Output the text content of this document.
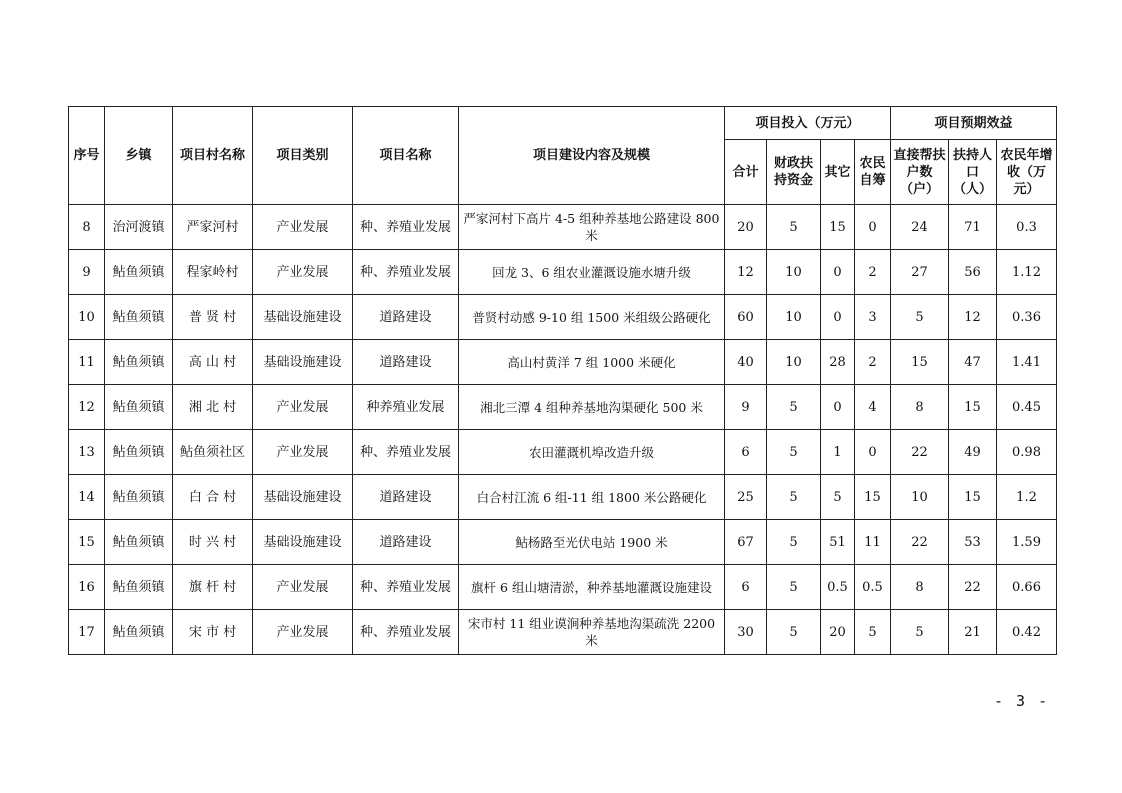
序号	乡镇	项目村名称	项目类别	项目名称	项目建设内容及规模	项目投入（万元）				项目预期效益		
						合计	财政扶持资金	其它	农民自筹	直接帮扶户数（户）	扶持人口（人）	农民年增收（万元）
8	治河渡镇	严家河村	产业发展	种、养殖业发展	严家河村下高片 4-5 组种养基地公路建设 800 米	20	5	15	0	24	71	0.3
9	鲇鱼须镇	程家岭村	产业发展	种、养殖业发展	回龙 3、6 组农业灌溉设施水塘升级	12	10	0	2	27	56	1.12
10	鲇鱼须镇	普 贤 村	基础设施建设	道路建设	普贤村动感 9-10 组 1500 米组级公路硬化	60	10	0	3	5	12	0.36
11	鲇鱼须镇	高 山 村	基础设施建设	道路建设	高山村黄洋 7 组 1000 米硬化	40	10	28	2	15	47	1.41
12	鲇鱼须镇	湘 北 村	产业发展	种养殖业发展	湘北三潭 4 组种养基地沟渠硬化 500 米	9	5	0	4	8	15	0.45
13	鲇鱼须镇	鲇鱼须社区	产业发展	种、养殖业发展	农田灌溉机埠改造升级	6	5	1	0	22	49	0.98
14	鲇鱼须镇	白 合 村	基础设施建设	道路建设	白合村江流 6 组-11 组 1800 米公路硬化	25	5	5	15	10	15	1.2
15	鲇鱼须镇	时 兴 村	基础设施建设	道路建设	鲇杨路至光伏电站 1900 米	67	5	51	11	22	53	1.59
16	鲇鱼须镇	旗 杆 村	产业发展	种、养殖业发展	旗杆 6 组山塘清淤，种养基地灌溉设施建设	6	5	0.5	0.5	8	22	0.66
17	鲇鱼须镇	宋 市 村	产业发展	种、养殖业发展	宋市村 11 组业谟涧种养基地沟渠疏洗 2200 米	30	5	20	5	5	21	0.42
- 3 -
